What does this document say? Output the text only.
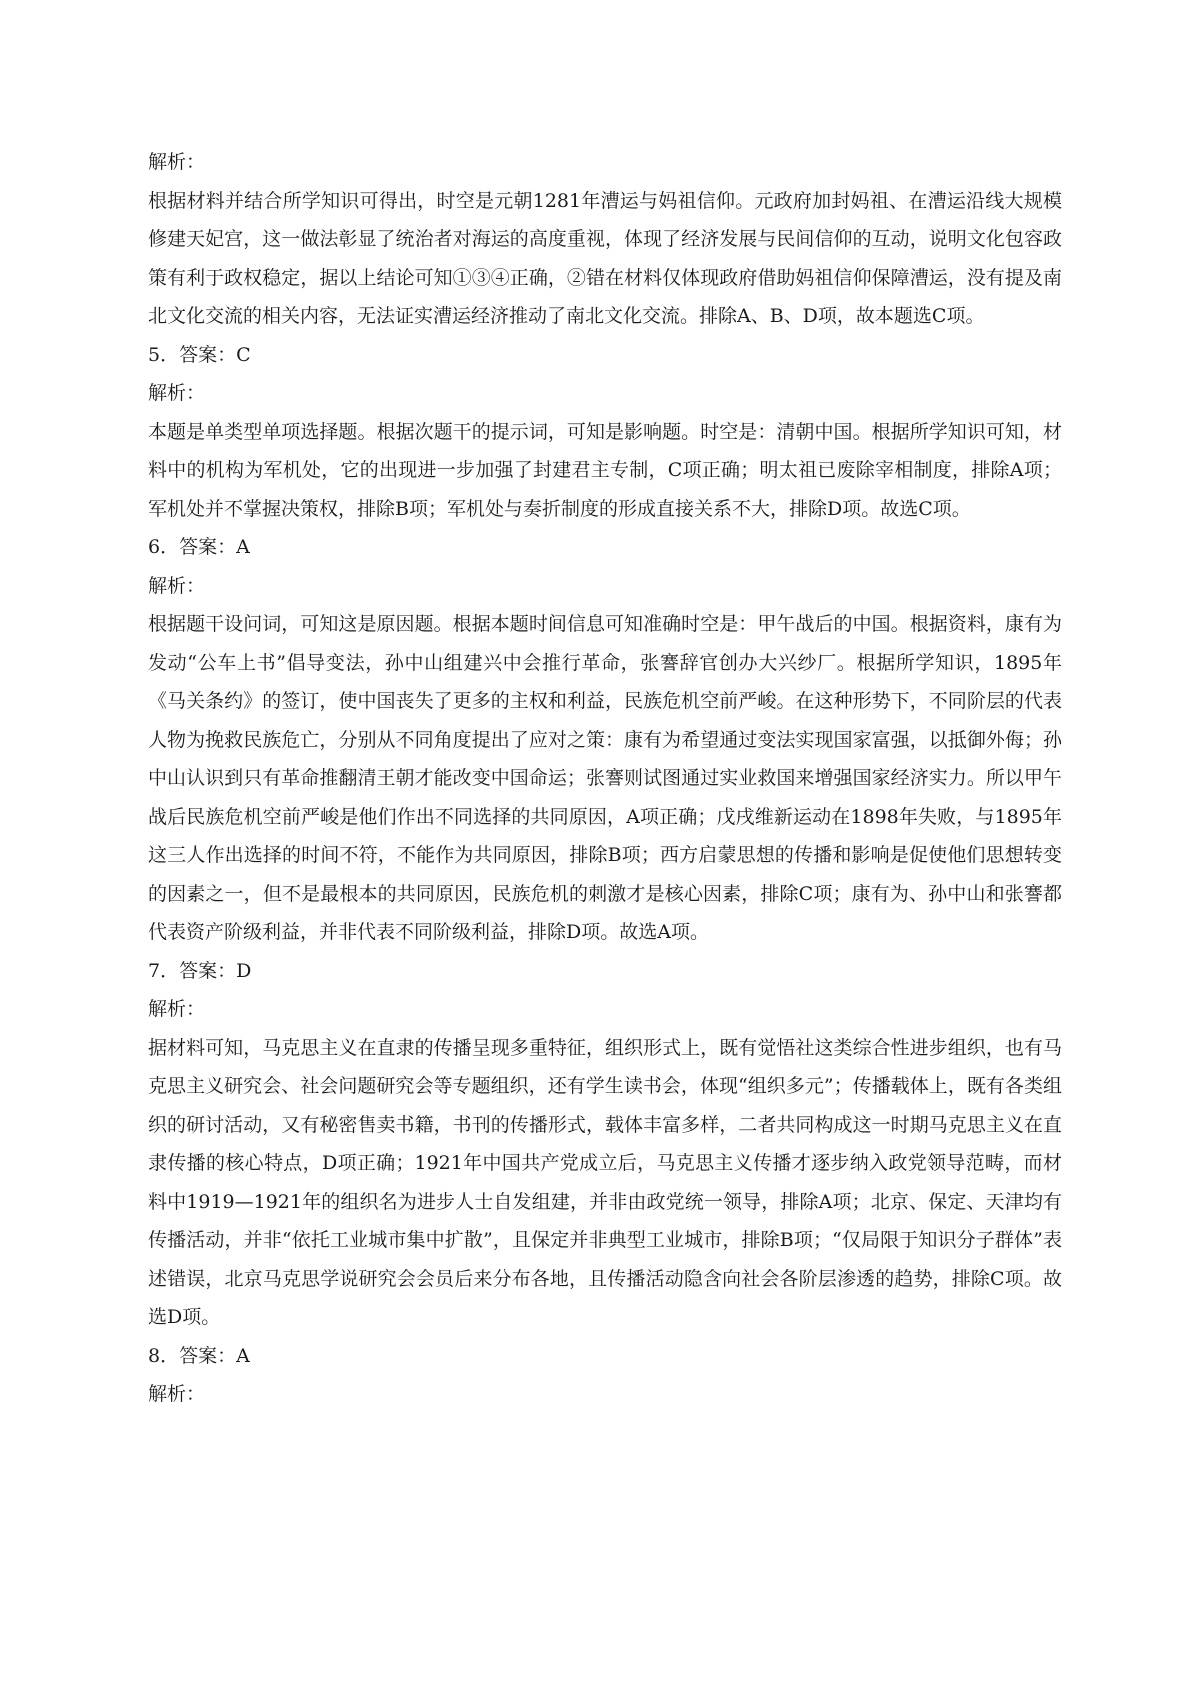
解析：

根据材料并结合所学知识可得出，时空是元朝1281年漕运与妈祖信仰。元政府加封妈祖、在漕运沿线大规模修建天妃宫，这一做法彰显了统治者对海运的高度重视，体现了经济发展与民间信仰的互动，说明文化包容政策有利于政权稳定，据以上结论可知①③④正确，②错在材料仅体现政府借助妈祖信仰保障漕运，没有提及南北文化交流的相关内容，无法证实漕运经济推动了南北文化交流。排除A、B、D项，故本题选C项。

5．答案：C

解析：

本题是单类型单项选择题。根据次题干的提示词，可知是影响题。时空是：清朝中国。根据所学知识可知，材料中的机构为军机处，它的出现进一步加强了封建君主专制，C项正确；明太祖已废除宰相制度，排除A项；军机处并不掌握决策权，排除B项；军机处与奏折制度的形成直接关系不大，排除D项。故选C项。

6．答案：A

解析：

根据题干设问词，可知这是原因题。根据本题时间信息可知准确时空是：甲午战后的中国。根据资料，康有为发动“公车上书”倡导变法，孙中山组建兴中会推行革命，张謇辞官创办大兴纱厂。根据所学知识，1895年《马关条约》的签订，使中国丧失了更多的主权和利益，民族危机空前严峻。在这种形势下，不同阶层的代表人物为挽救民族危亡，分别从不同角度提出了应对之策：康有为希望通过变法实现国家富强，以抵御外侮；孙中山认识到只有革命推翻清王朝才能改变中国命运；张謇则试图通过实业救国来增强国家经济实力。所以甲午战后民族危机空前严峻是他们作出不同选择的共同原因，A项正确；戊戌维新运动在1898年失败，与1895年这三人作出选择的时间不符，不能作为共同原因，排除B项；西方启蒙思想的传播和影响是促使他们思想转变的因素之一，但不是最根本的共同原因，民族危机的刺激才是核心因素，排除C项；康有为、孙中山和张謇都代表资产阶级利益，并非代表不同阶级利益，排除D项。故选A项。

7．答案：D

解析：

据材料可知，马克思主义在直隶的传播呈现多重特征，组织形式上，既有觉悟社这类综合性进步组织，也有马克思主义研究会、社会问题研究会等专题组织，还有学生读书会，体现“组织多元”；传播载体上，既有各类组织的研讨活动，又有秘密售卖书籍，书刊的传播形式，载体丰富多样，二者共同构成这一时期马克思主义在直隶传播的核心特点，D项正确；1921年中国共产党成立后，马克思主义传播才逐步纳入政党领导范畴，而材料中1919—1921年的组织名为进步人士自发组建，并非由政党统一领导，排除A项；北京、保定、天津均有传播活动，并非“依托工业城市集中扩散”，且保定并非典型工业城市，排除B项；“仅局限于知识分子群体”表述错误，北京马克思学说研究会会员后来分布各地，且传播活动隐含向社会各阶层渗透的趋势，排除C项。故选D项。

8．答案：A

解析：
